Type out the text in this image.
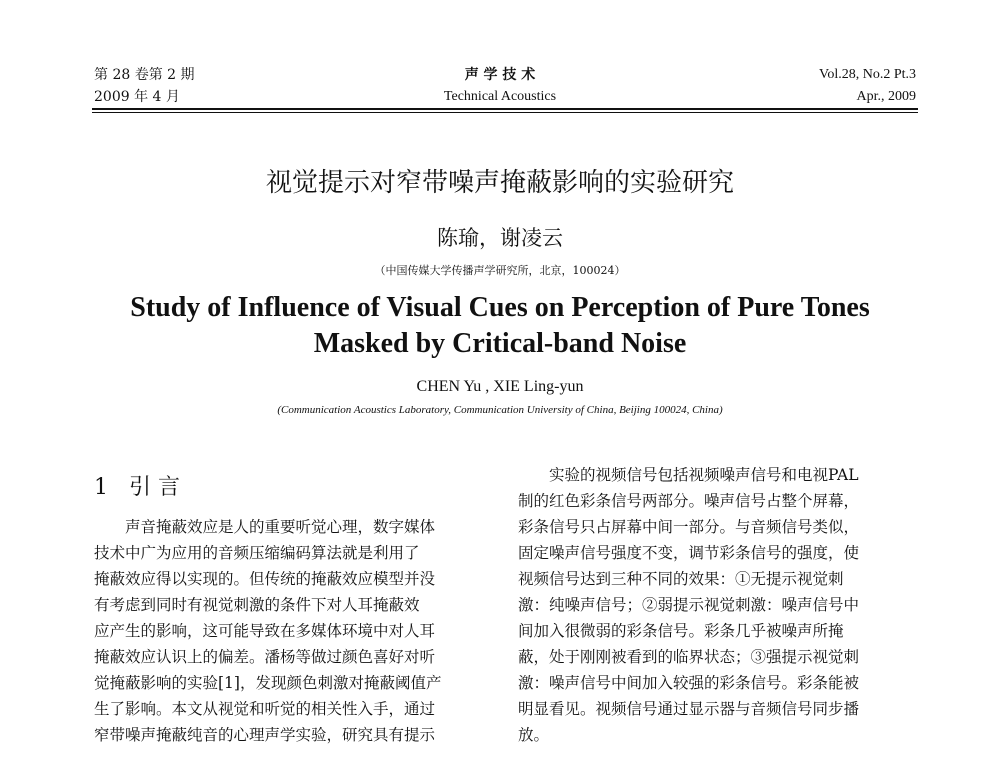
第 28 卷第 2 期
2009 年 4 月
声 学 技 术
Technical Acoustics
Vol.28, No.2 Pt.3
Apr., 2009
视觉提示对窄带噪声掩蔽影响的实验研究
陈瑜，谢凌云
（中国传媒大学传播声学研究所，北京，100024）
Study of Influence of Visual Cues on Perception of Pure Tones
Masked by Critical-band Noise
CHEN Yu , XIE Ling-yun
(Communication Acoustics Laboratory, Communication University of China, Beijing 100024, China)
1 引 言
　　声音掩蔽效应是人的重要听觉心理，数字媒体
技术中广为应用的音频压缩编码算法就是利用了
掩蔽效应得以实现的。但传统的掩蔽效应模型并没
有考虑到同时有视觉刺激的条件下对人耳掩蔽效
应产生的影响，这可能导致在多媒体环境中对人耳
掩蔽效应认识上的偏差。潘杨等做过颜色喜好对听
觉掩蔽影响的实验[1]，发现颜色刺激对掩蔽阈值产
生了影响。本文从视觉和听觉的相关性入手，通过
窄带噪声掩蔽纯音的心理声学实验，研究具有提示
　　实验的视频信号包括视频噪声信号和电视PAL
制的红色彩条信号两部分。噪声信号占整个屏幕，
彩条信号只占屏幕中间一部分。与音频信号类似，
固定噪声信号强度不变，调节彩条信号的强度，使
视频信号达到三种不同的效果：①无提示视觉刺
激：纯噪声信号；②弱提示视觉刺激：噪声信号中
间加入很微弱的彩条信号。彩条几乎被噪声所掩
蔽，处于刚刚被看到的临界状态；③强提示视觉刺
激：噪声信号中间加入较强的彩条信号。彩条能被
明显看见。视频信号通过显示器与音频信号同步播
放。
